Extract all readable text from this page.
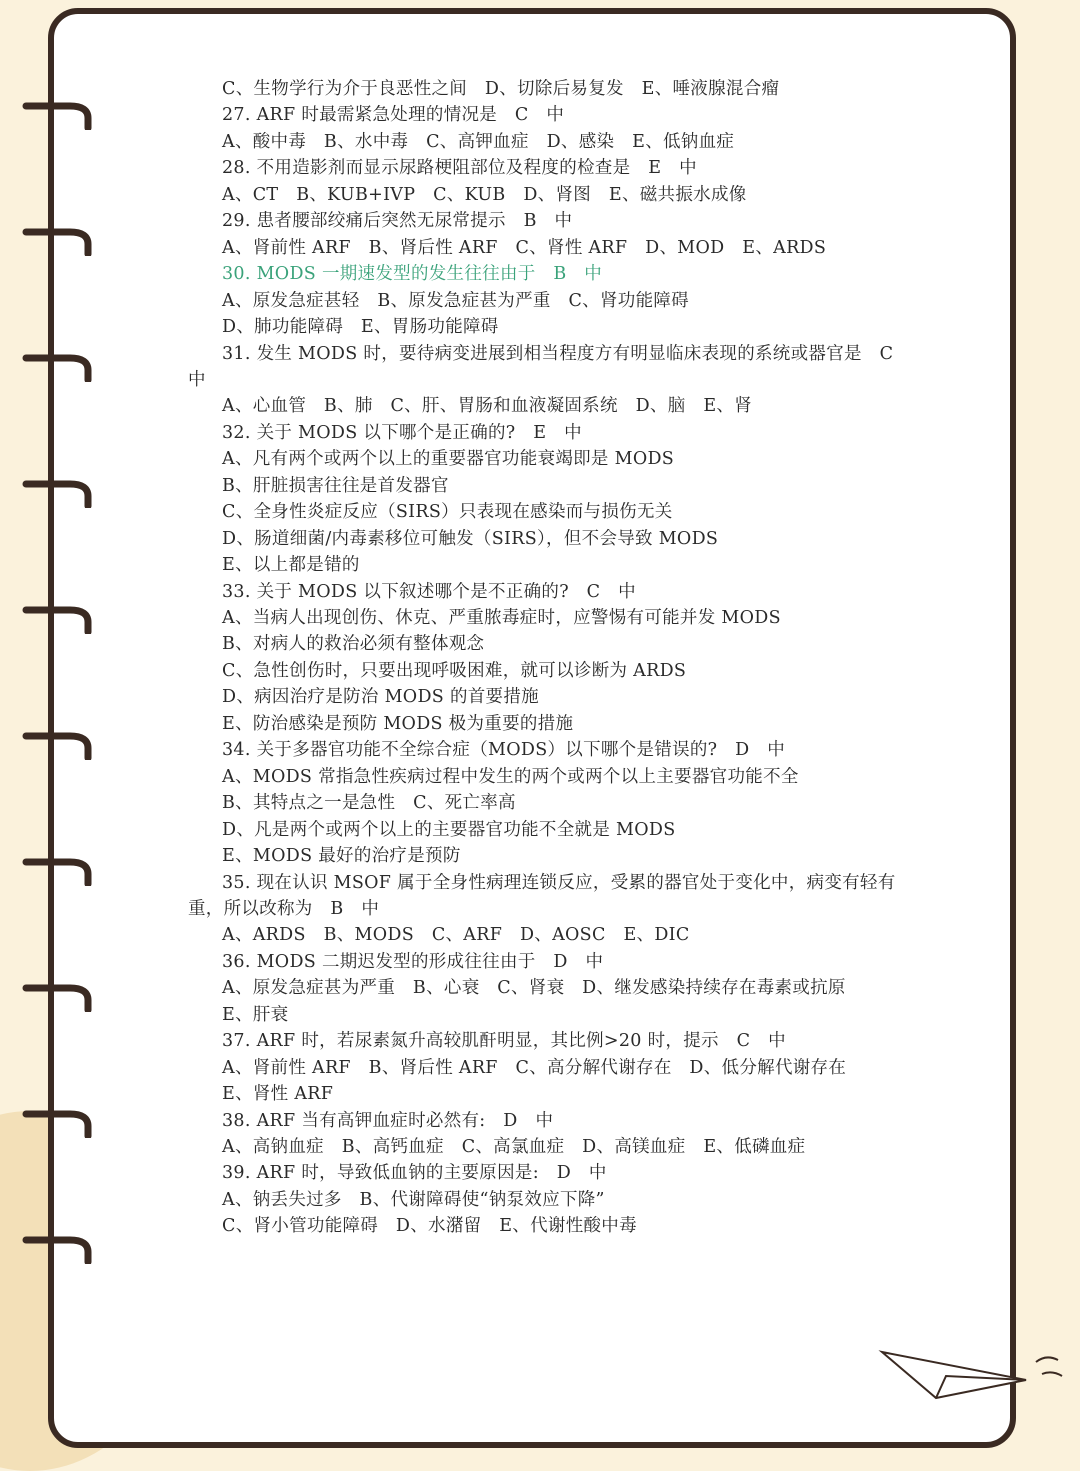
C、生物学行为介于良恶性之间　D、切除后易复发　E、唾液腺混合瘤
27. ARF 时最需紧急处理的情况是　C　中
A、酸中毒　B、水中毒　C、高钾血症　D、感染　E、低钠血症
28. 不用造影剂而显示尿路梗阻部位及程度的检查是　E　中
A、CT　B、KUB+IVP　C、KUB　D、肾图　E、磁共振水成像
29. 患者腰部绞痛后突然无尿常提示　B　中
A、肾前性 ARF　B、肾后性 ARF　C、肾性 ARF　D、MOD　E、ARDS
30. MODS 一期速发型的发生往往由于　B　中
A、原发急症甚轻　B、原发急症甚为严重　C、肾功能障碍
D、肺功能障碍　E、胃肠功能障碍
31. 发生 MODS 时，要待病变进展到相当程度方有明显临床表现的系统或器官是　C
中
A、心血管　B、肺　C、肝、胃肠和血液凝固系统　D、脑　E、肾
32. 关于 MODS 以下哪个是正确的?　E　中
A、凡有两个或两个以上的重要器官功能衰竭即是 MODS
B、肝脏损害往往是首发器官
C、全身性炎症反应（SIRS）只表现在感染而与损伤无关
D、肠道细菌/内毒素移位可触发（SIRS），但不会导致 MODS
E、以上都是错的
33. 关于 MODS 以下叙述哪个是不正确的?　C　中
A、当病人出现创伤、休克、严重脓毒症时，应警惕有可能并发 MODS
B、对病人的救治必须有整体观念
C、急性创伤时，只要出现呼吸困难，就可以诊断为 ARDS
D、病因治疗是防治 MODS 的首要措施
E、防治感染是预防 MODS 极为重要的措施
34. 关于多器官功能不全综合症（MODS）以下哪个是错误的?　D　中
A、MODS 常指急性疾病过程中发生的两个或两个以上主要器官功能不全
B、其特点之一是急性　C、死亡率高
D、凡是两个或两个以上的主要器官功能不全就是 MODS
E、MODS 最好的治疗是预防
35. 现在认识 MSOF 属于全身性病理连锁反应，受累的器官处于变化中，病变有轻有
重，所以改称为　B　中
A、ARDS　B、MODS　C、ARF　D、AOSC　E、DIC
36. MODS 二期迟发型的形成往往由于　D　中
A、原发急症甚为严重　B、心衰　C、肾衰　D、继发感染持续存在毒素或抗原
E、肝衰
37. ARF 时，若尿素氮升高较肌酐明显，其比例>20 时，提示　C　中
A、肾前性 ARF　B、肾后性 ARF　C、高分解代谢存在　D、低分解代谢存在
E、肾性 ARF
38. ARF 当有高钾血症时必然有:　D　中
A、高钠血症　B、高钙血症　C、高氯血症　D、高镁血症　E、低磷血症
39. ARF 时，导致低血钠的主要原因是:　D　中
A、钠丢失过多　B、代谢障碍使“钠泵效应下降”
C、肾小管功能障碍　D、水潴留　E、代谢性酸中毒
